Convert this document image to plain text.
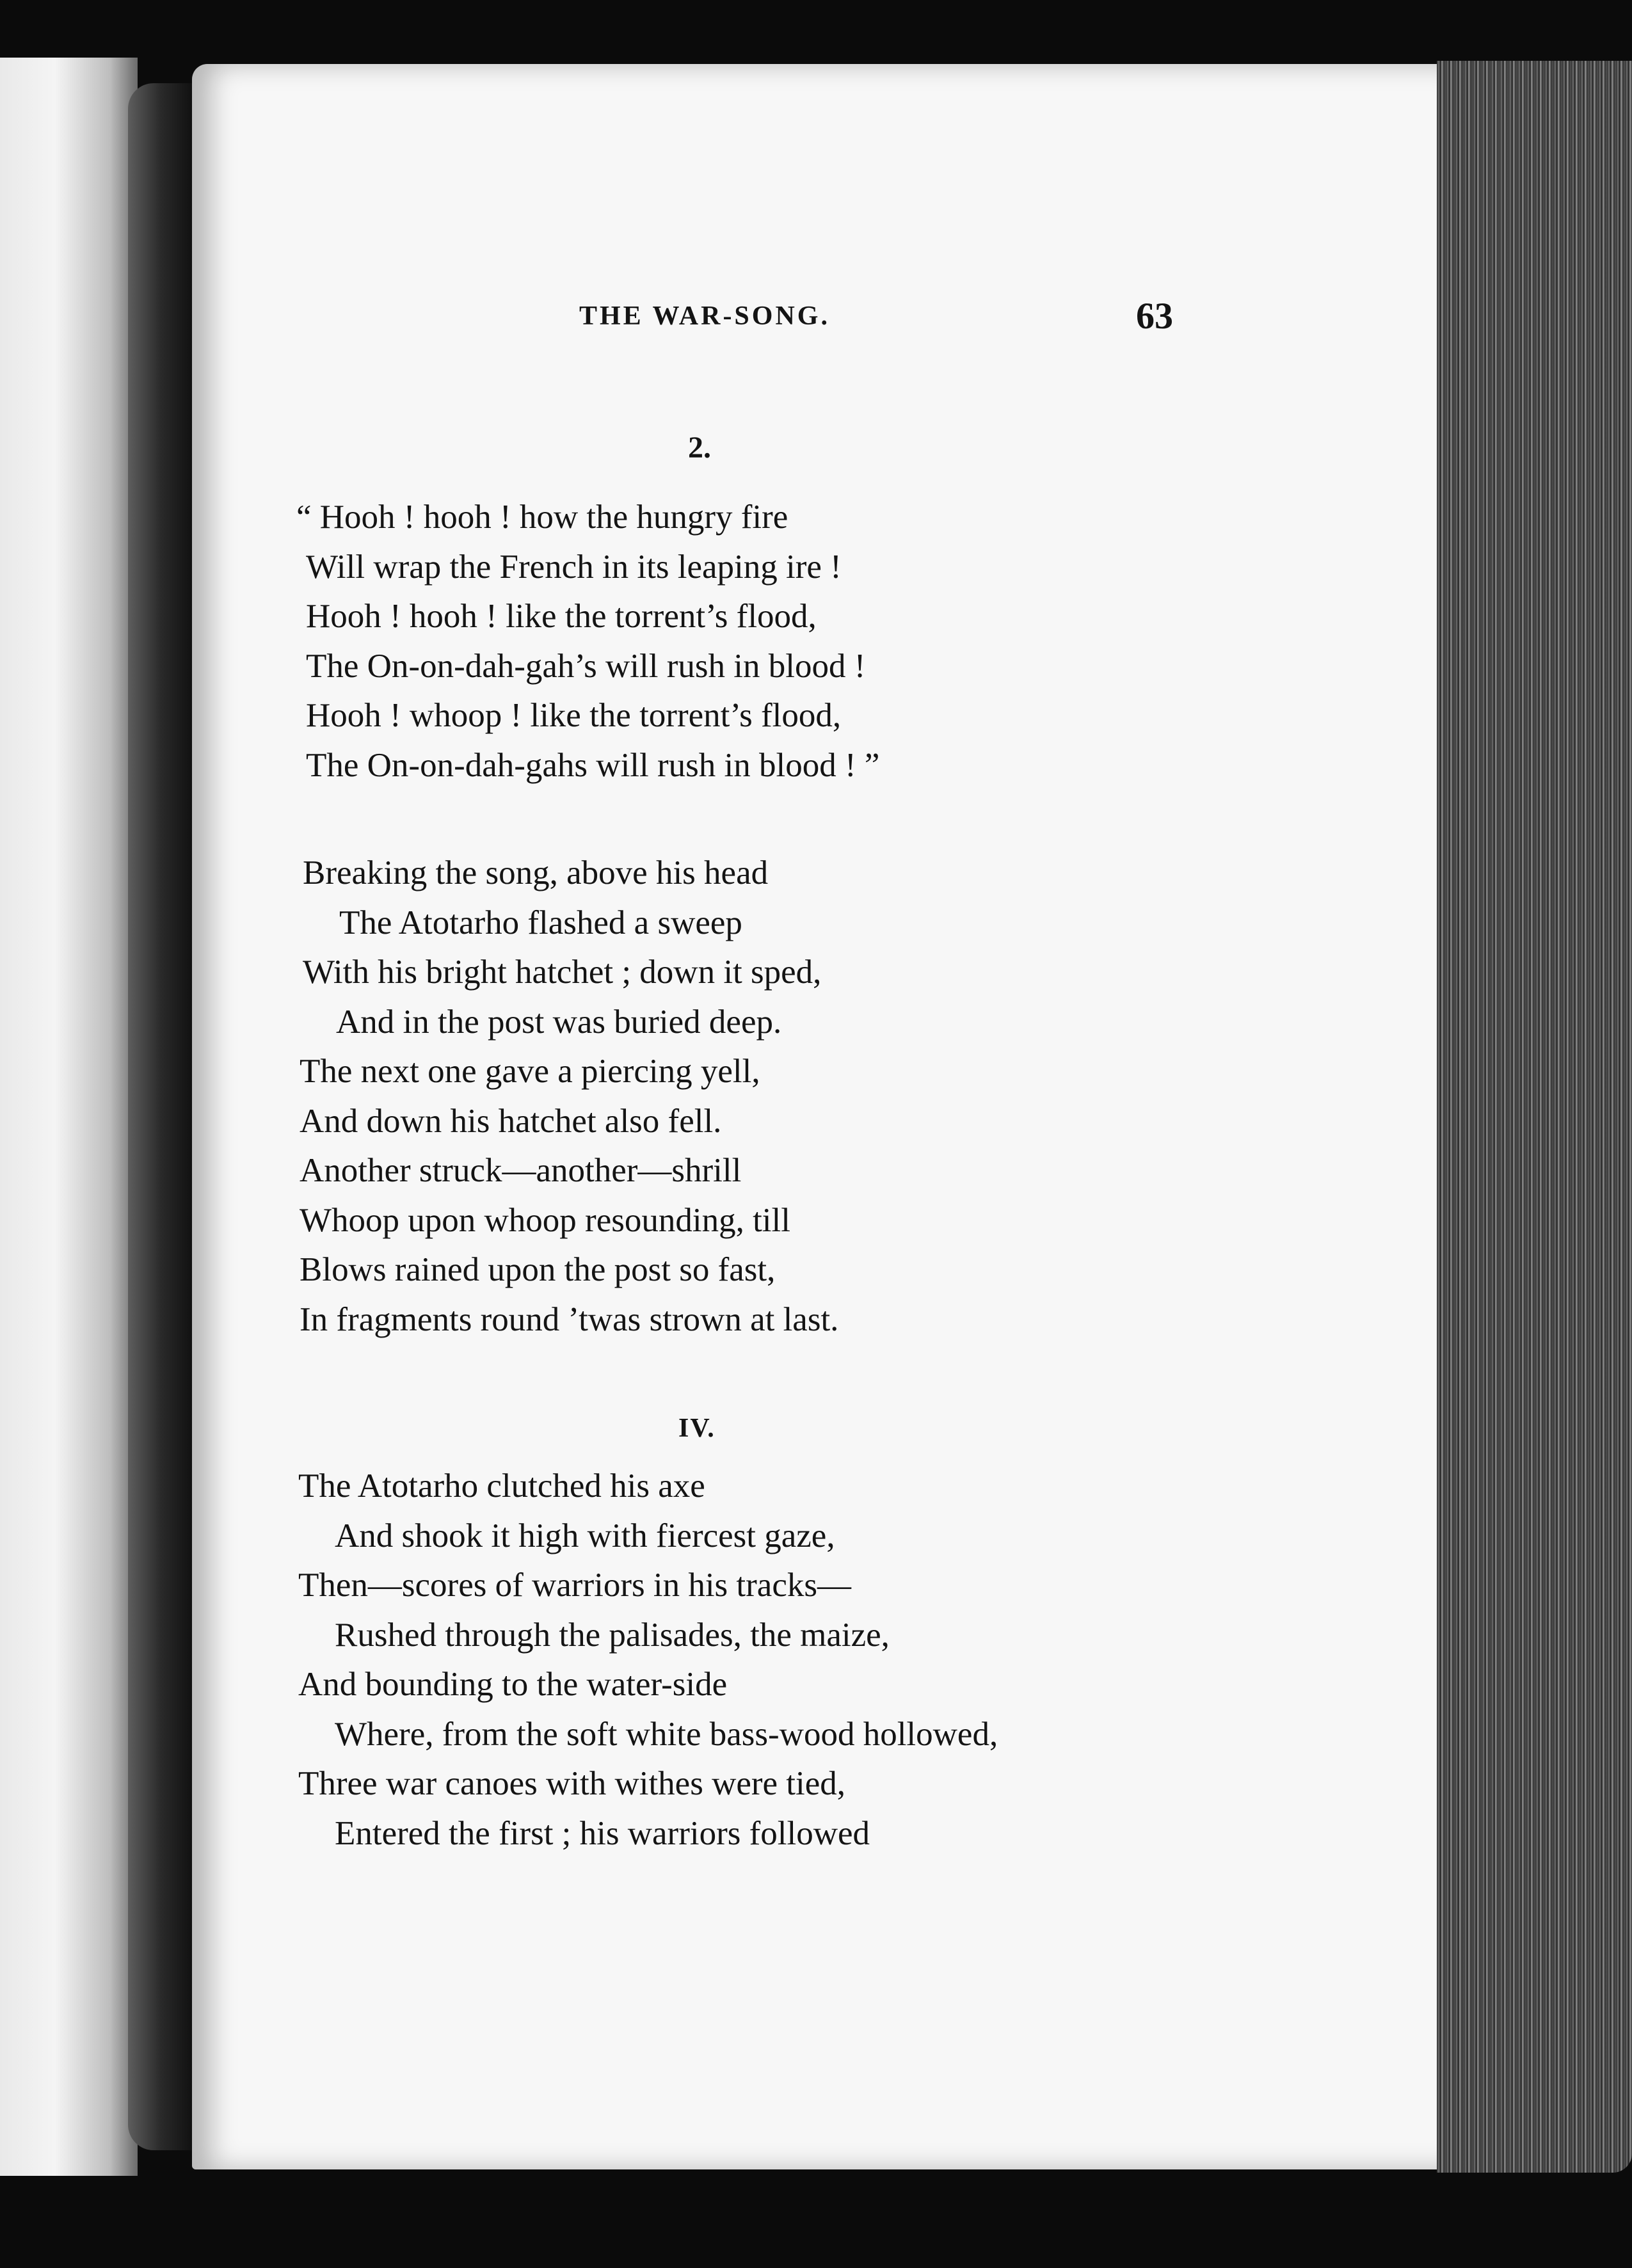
THE WAR-SONG.	63
2.
“ Hooh ! hooh ! how the hungry fire
Will wrap the French in its leaping ire !
Hooh ! hooh ! like the torrent’s flood,
The On-on-dah-gah’s will rush in blood !
Hooh ! whoop ! like the torrent’s flood,
The On-on-dah-gahs will rush in blood ! ”
Breaking the song, above his head
The Atotarho flashed a sweep
With his bright hatchet ; down it sped,
And in the post was buried deep.
The next one gave a piercing yell,
And down his hatchet also fell.
Another struck—another—shrill
Whoop upon whoop resounding, till
Blows rained upon the post so fast,
In fragments round ’twas strown at last.
IV.
The Atotarho clutched his axe
And shook it high with fiercest gaze,
Then—scores of warriors in his tracks—
Rushed through the palisades, the maize,
And bounding to the water-side
Where, from the soft white bass-wood hollowed,
Three war canoes with withes were tied,
Entered the first ; his warriors followed
